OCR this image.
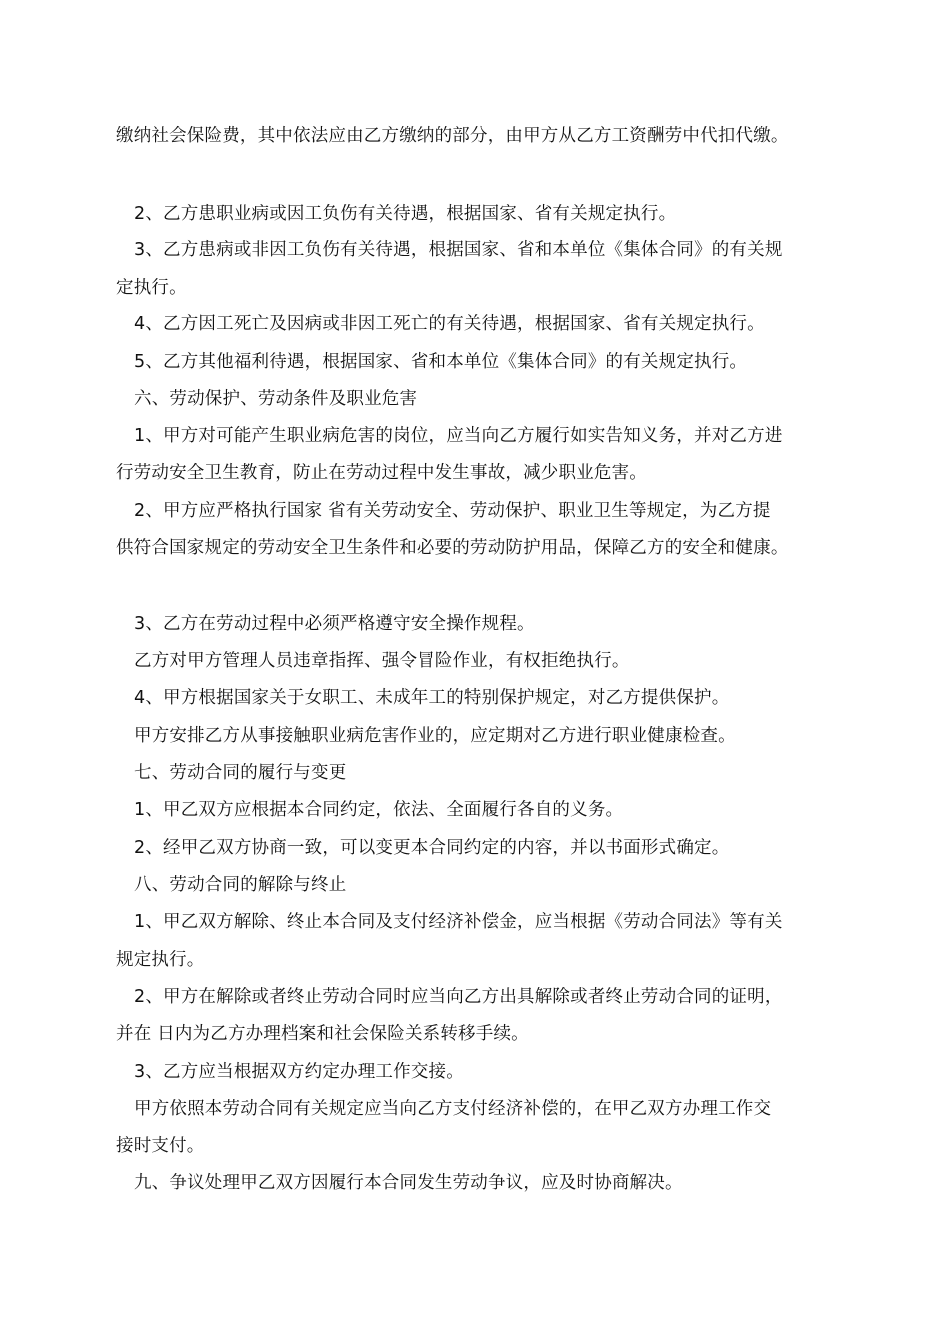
缴纳社会保险费，其中依法应由乙方缴纳的部分，由甲方从乙方工资酬劳中代扣代缴。

2、乙方患职业病或因工负伤有关待遇，根据国家、省有关规定执行。

3、乙方患病或非因工负伤有关待遇，根据国家、省和本单位《集体合同》的有关规

定执行。

4、乙方因工死亡及因病或非因工死亡的有关待遇，根据国家、省有关规定执行。

5、乙方其他福利待遇，根据国家、省和本单位《集体合同》的有关规定执行。

六、劳动保护、劳动条件及职业危害

1、甲方对可能产生职业病危害的岗位，应当向乙方履行如实告知义务，并对乙方进

行劳动安全卫生教育，防止在劳动过程中发生事故，减少职业危害。

2、甲方应严格执行国家 省有关劳动安全、劳动保护、职业卫生等规定，为乙方提

供符合国家规定的劳动安全卫生条件和必要的劳动防护用品，保障乙方的安全和健康。

3、乙方在劳动过程中必须严格遵守安全操作规程。

乙方对甲方管理人员违章指挥、强令冒险作业，有权拒绝执行。

4、甲方根据国家关于女职工、未成年工的特别保护规定，对乙方提供保护。

甲方安排乙方从事接触职业病危害作业的，应定期对乙方进行职业健康检查。

七、劳动合同的履行与变更

1、甲乙双方应根据本合同约定，依法、全面履行各自的义务。

2、经甲乙双方协商一致，可以变更本合同约定的内容，并以书面形式确定。

八、劳动合同的解除与终止

1、甲乙双方解除、终止本合同及支付经济补偿金，应当根据《劳动合同法》等有关

规定执行。

2、甲方在解除或者终止劳动合同时应当向乙方出具解除或者终止劳动合同的证明，

并在 日内为乙方办理档案和社会保险关系转移手续。

3、乙方应当根据双方约定办理工作交接。

甲方依照本劳动合同有关规定应当向乙方支付经济补偿的，在甲乙双方办理工作交

接时支付。

九、争议处理甲乙双方因履行本合同发生劳动争议，应及时协商解决。
